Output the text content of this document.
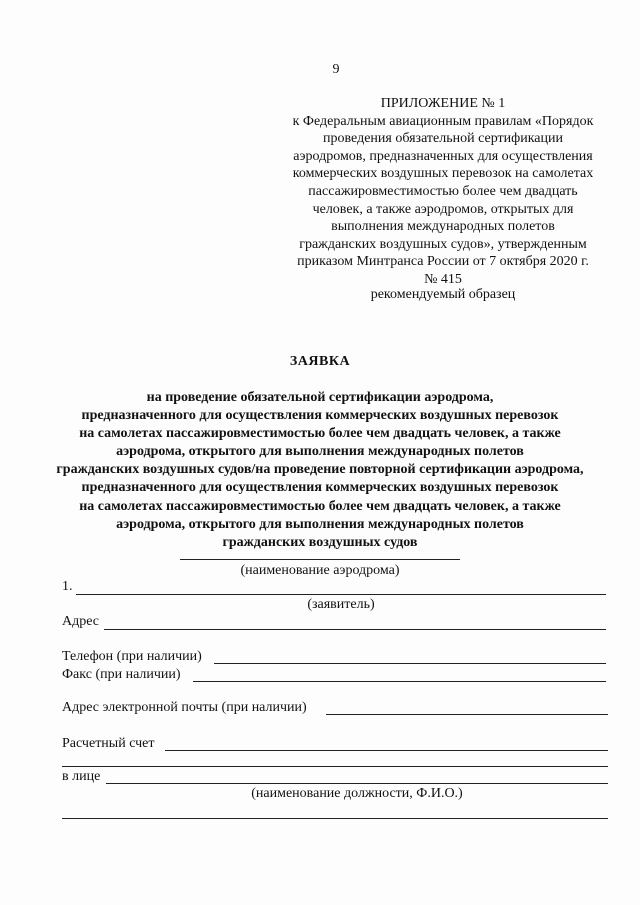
9
ПРИЛОЖЕНИЕ № 1
к Федеральным авиационным правилам «Порядок
проведения обязательной сертификации
аэродромов, предназначенных для осуществления
коммерческих воздушных перевозок на самолетах
пассажировместимостью более чем двадцать
человек, а также аэродромов, открытых для
выполнения международных полетов
гражданских воздушных судов», утвержденным
приказом Минтранса России от 7 октября 2020 г.
№ 415
рекомендуемый образец
ЗАЯВКА
на проведение обязательной сертификации аэродрома,
предназначенного для осуществления коммерческих воздушных перевозок
на самолетах пассажировместимостью более чем двадцать человек, а также
аэродрома, открытого для выполнения международных полетов
гражданских воздушных судов/на проведение повторной сертификации аэродрома,
предназначенного для осуществления коммерческих воздушных перевозок
на самолетах пассажировместимостью более чем двадцать человек, а также
аэродрома, открытого для выполнения международных полетов
гражданских воздушных судов
(наименование аэродрома)
1.
(заявитель)
Адрес
Телефон (при наличии)
Факс (при наличии)
Адрес электронной почты (при наличии)
Расчетный счет
в лице
(наименование должности, Ф.И.О.)
